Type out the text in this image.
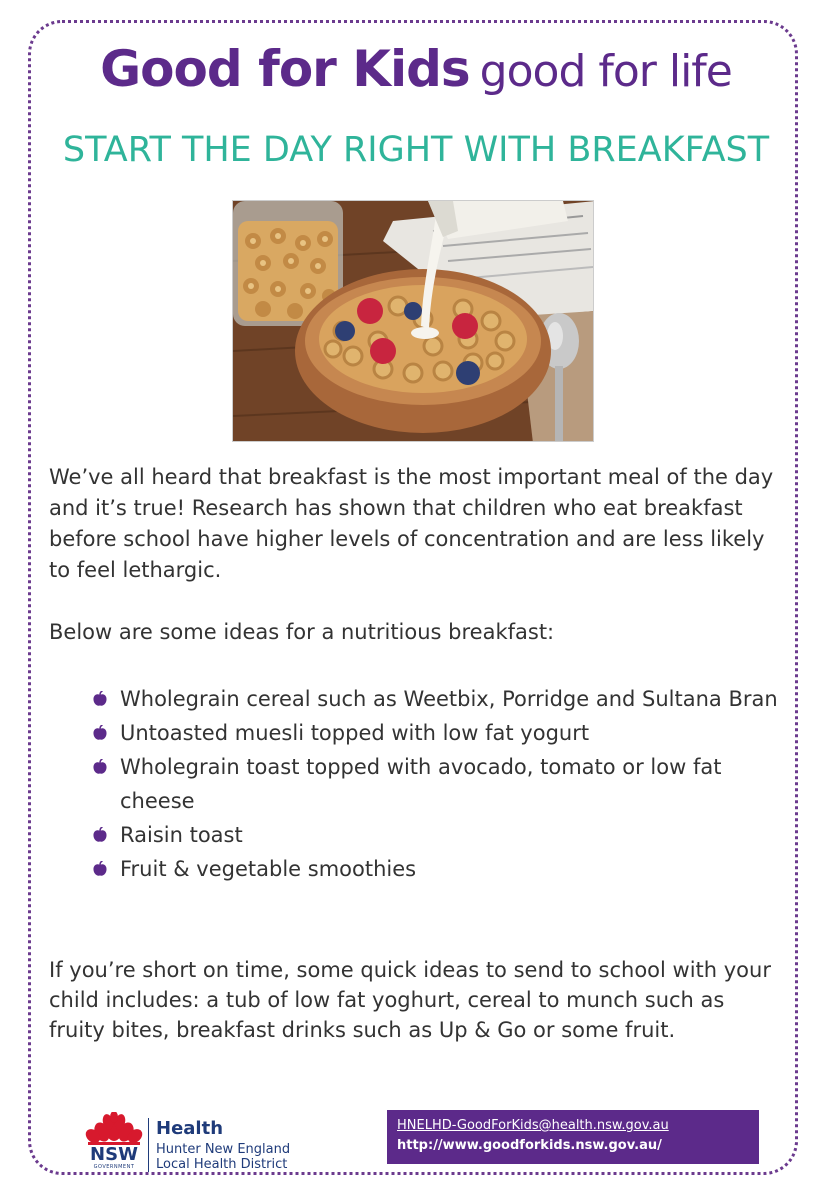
Good for Kids good for life
START THE DAY RIGHT WITH BREAKFAST
We’ve all heard that breakfast is the most important meal of the day and it’s true! Research has shown that children who eat breakfast before school have higher levels of concentration and are less likely to feel lethargic.
Below are some ideas for a nutritious breakfast:
Wholegrain cereal such as Weetbix, Porridge and Sultana Bran
Untoasted muesli topped with low fat yogurt
Wholegrain toast topped with avocado, tomato or low fat cheese
Raisin toast
Fruit & vegetable smoothies
If you’re short on time, some quick ideas to send to school with your child includes: a tub of low fat yoghurt, cereal to munch such as fruity bites, breakfast drinks such as Up & Go or some fruit.
NSW
GOVERNMENT
Health
Hunter New England
Local Health District
HNELHD-GoodForKids@health.nsw.gov.au
http://www.goodforkids.nsw.gov.au/
